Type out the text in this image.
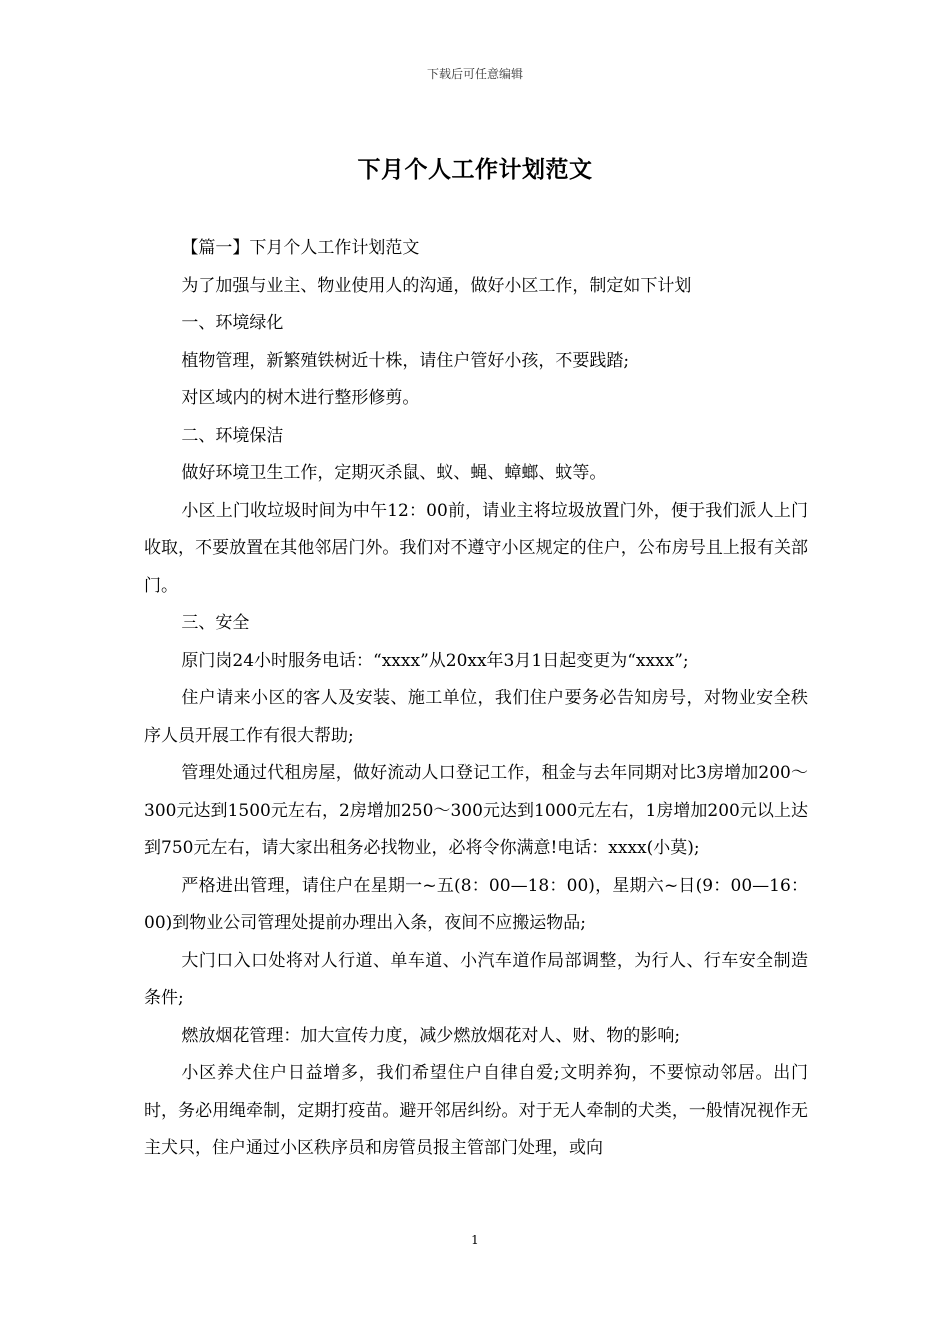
下载后可任意编辑
下月个人工作计划范文

【篇一】下月个人工作计划范文

为了加强与业主、物业使用人的沟通，做好小区工作，制定如下计划

一、环境绿化

植物管理，新繁殖铁树近十株，请住户管好小孩，不要践踏;

对区域内的树木进行整形修剪。

二、环境保洁

做好环境卫生工作，定期灭杀鼠、蚁、蝇、蟑螂、蚊等。

小区上门收垃圾时间为中午12：00前，请业主将垃圾放置门外，便于我们派人上门收取，不要放置在其他邻居门外。我们对不遵守小区规定的住户，公布房号且上报有关部门。

三、安全

原门岗24小时服务电话：“xxxx”从20xx年3月1日起变更为“xxxx”;

住户请来小区的客人及安装、施工单位，我们住户要务必告知房号，对物业安全秩序人员开展工作有很大帮助;

管理处通过代租房屋，做好流动人口登记工作，租金与去年同期对比3房增加200～300元达到1500元左右，2房增加250～300元达到1000元左右，1房增加200元以上达到750元左右，请大家出租务必找物业，必将令你满意!电话：xxxx(小莫);

严格进出管理，请住户在星期一~五(8：00—18：00)，星期六~日(9：00—16：00)到物业公司管理处提前办理出入条，夜间不应搬运物品;

大门口入口处将对人行道、单车道、小汽车道作局部调整，为行人、行车安全制造条件;

燃放烟花管理：加大宣传力度，减少燃放烟花对人、财、物的影响;

小区养犬住户日益增多，我们希望住户自律自爱;文明养狗，不要惊动邻居。出门时，务必用绳牵制，定期打疫苗。避开邻居纠纷。对于无人牵制的犬类，一般情况视作无主犬只，住户通过小区秩序员和房管员报主管部门处理，或向

1
